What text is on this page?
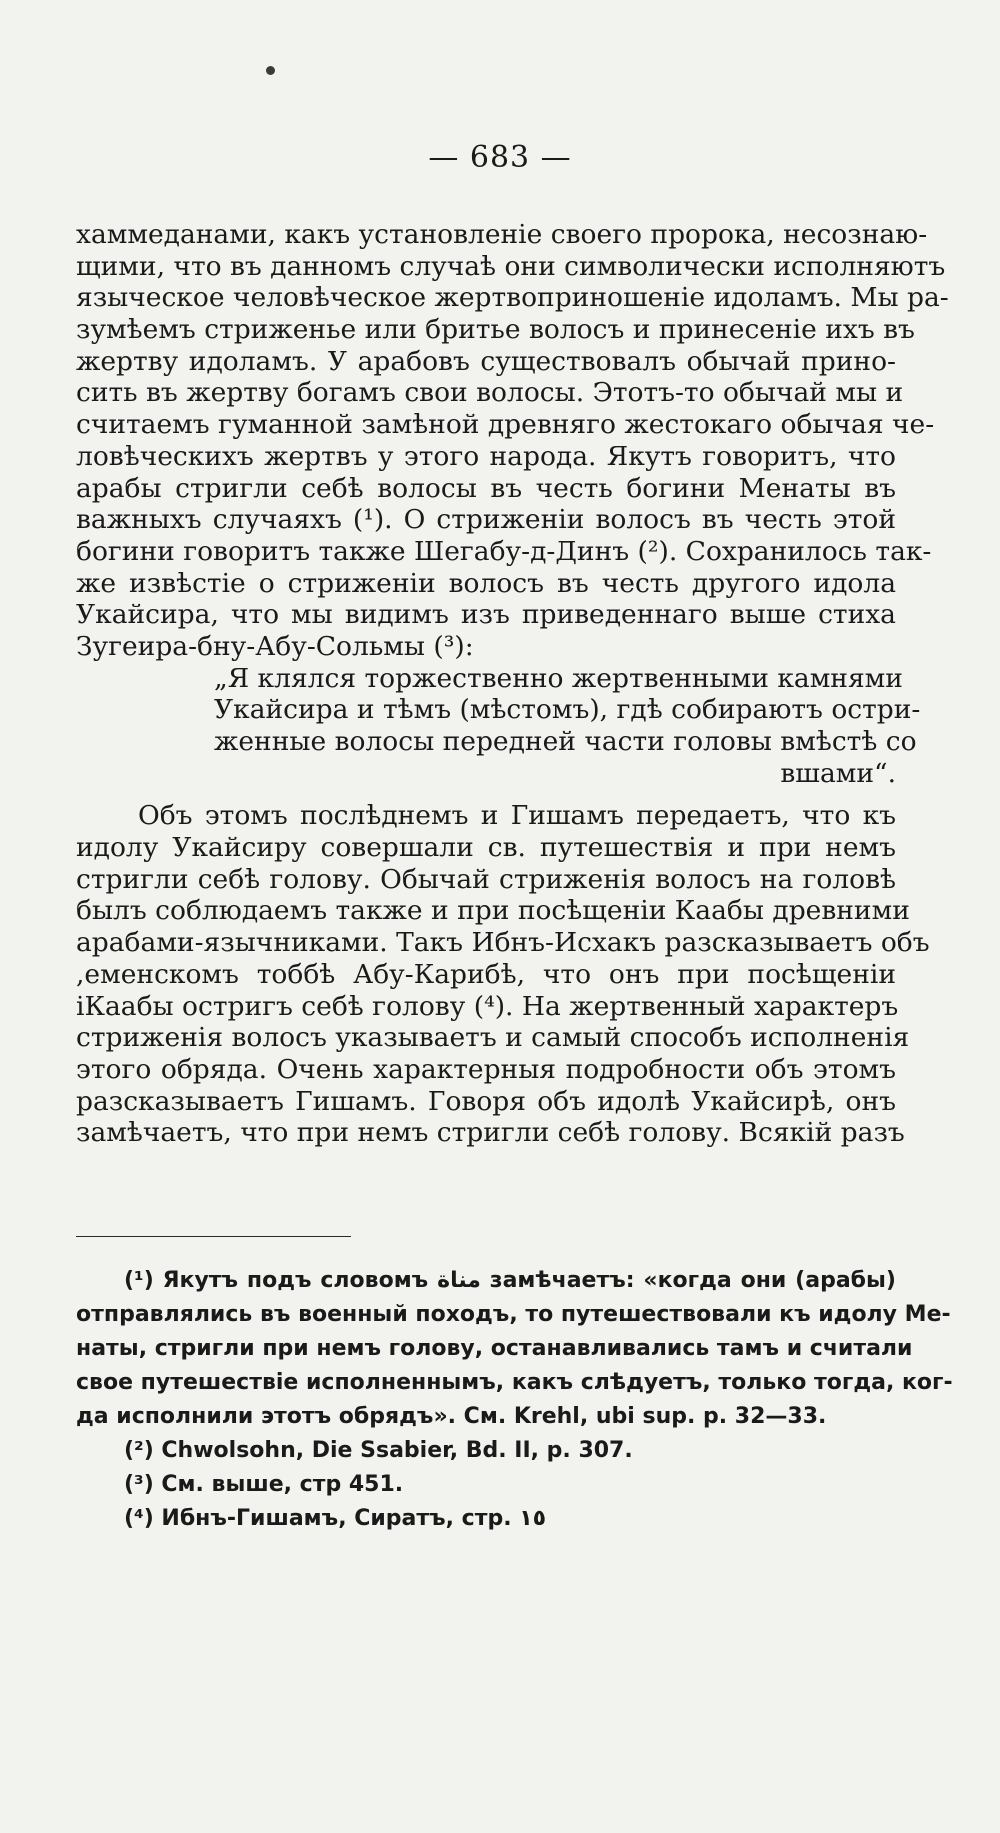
— 683 —
хаммеданами, какъ установленіе своего пророка, несознаю-
щими, что въ данномъ случаѣ они символически исполняютъ
языческое человѣческое жертвоприношеніе идоламъ. Мы ра-
зумѣемъ стриженье или бритье волосъ и принесеніе ихъ въ
жертву идоламъ. У арабовъ существовалъ обычай прино-
сить въ жертву богамъ свои волосы. Этотъ-то обычай мы и
считаемъ гуманной замѣной древняго жестокаго обычая че-
ловѣческихъ жертвъ у этого народа. Якутъ говоритъ, что
арабы стригли себѣ волосы въ честь богини Менаты въ
важныхъ случаяхъ (¹). О стриженіи волосъ въ честь этой
богини говоритъ также Шегабу-д-Динъ (²). Сохранилось так-
же извѣстіе о стриженіи волосъ въ честь другого идола
Укайсира, что мы видимъ изъ приведеннаго выше стиха
Зугеира-бну-Абу-Сольмы (³):
„Я клялся торжественно жертвенными камнями
Укайсира и тѣмъ (мѣстомъ), гдѣ собираютъ остри-
женные волосы передней части головы вмѣстѣ со
вшами“.
Объ этомъ послѣднемъ и Гишамъ передаетъ, что къ
идолу Укайсиру совершали св. путешествія и при немъ
стригли себѣ голову. Обычай стриженія волосъ на головѣ
былъ соблюдаемъ также и при посѣщеніи Каабы древними
арабами-язычниками. Такъ Ибнъ-Исхакъ разсказываетъ объ
,еменскомъ тоббѣ Абу-Карибѣ, что онъ при посѣщеніи
іКаабы остригъ себѣ голову (⁴). На жертвенный характеръ
стриженія волосъ указываетъ и самый способъ исполненія
этого обряда. Очень характерныя подробности объ этомъ
разсказываетъ Гишамъ. Говоря объ идолѣ Укайсирѣ, онъ
замѣчаетъ, что при немъ стригли себѣ голову. Всякій разъ
(¹) Якутъ подъ словомъ مناة замѣчаетъ: «когда они (арабы)
отправлялись въ военный походъ, то путешествовали къ идолу Ме-
наты, стригли при немъ голову, останавливались тамъ и считали
свое путешествіе исполненнымъ, какъ слѣдуетъ, только тогда, ког-
да исполнили этотъ обрядъ». См. Krehl, ubi sup. p. 32—33.
(²) Chwolsohn, Die Ssabier, Bd. II, p. 307.
(³) См. выше, стр 451.
(⁴) Ибнъ-Гишамъ, Сиратъ, стр. ١٥
